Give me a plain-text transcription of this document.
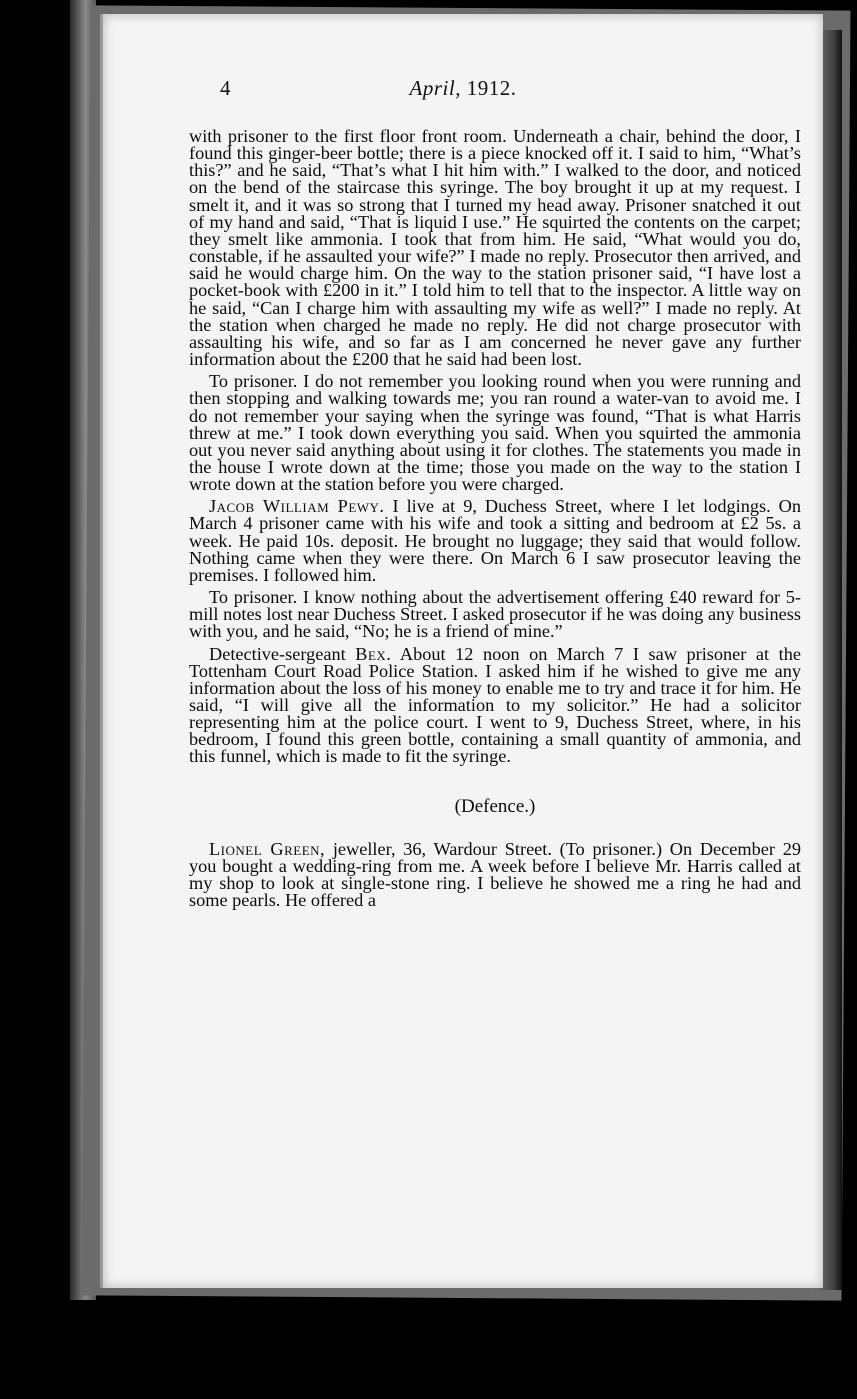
4	April, 1912.

with prisoner to the first floor front room. Underneath a chair, behind the door, I found this ginger-beer bottle; there is a piece knocked off it. I said to him, “What’s this?” and he said, “That’s what I hit him with.” I walked to the door, and noticed on the bend of the staircase this syringe. The boy brought it up at my request. I smelt it, and it was so strong that I turned my head away. Prisoner snatched it out of my hand and said, “That is liquid I use.” He squirted the contents on the carpet; they smelt like ammonia. I took that from him. He said, “What would you do, constable, if he assaulted your wife?” I made no reply. Prosecutor then arrived, and said he would charge him. On the way to the station prisoner said, “I have lost a pocket-book with £200 in it.” I told him to tell that to the inspector. A little way on he said, “Can I charge him with assaulting my wife as well?” I made no reply. At the station when charged he made no reply. He did not charge prosecutor with assaulting his wife, and so far as I am concerned he never gave any further information about the £200 that he said had been lost.

To prisoner. I do not remember you looking round when you were running and then stopping and walking towards me; you ran round a water-van to avoid me. I do not remember your saying when the syringe was found, “That is what Harris threw at me.” I took down everything you said. When you squirted the ammonia out you never said anything about using it for clothes. The statements you made in the house I wrote down at the time; those you made on the way to the station I wrote down at the station before you were charged.

Jacob William Pewy. I live at 9, Duchess Street, where I let lodgings. On March 4 prisoner came with his wife and took a sitting and bedroom at £2 5s. a week. He paid 10s. deposit. He brought no luggage; they said that would follow. Nothing came when they were there. On March 6 I saw prosecutor leaving the premises. I followed him.

To prisoner. I know nothing about the advertisement offering £40 reward for 5-mill notes lost near Duchess Street. I asked prosecutor if he was doing any business with you, and he said, “No; he is a friend of mine.”

Detective-sergeant Bex. About 12 noon on March 7 I saw prisoner at the Tottenham Court Road Police Station. I asked him if he wished to give me any information about the loss of his money to enable me to try and trace it for him. He said, “I will give all the information to my solicitor.” He had a solicitor representing him at the police court. I went to 9, Duchess Street, where, in his bedroom, I found this green bottle, containing a small quantity of ammonia, and this funnel, which is made to fit the syringe.

(Defence.)

Lionel Green, jeweller, 36, Wardour Street. (To prisoner.) On December 29 you bought a wedding-ring from me. A week before I believe Mr. Harris called at my shop to look at single-stone ring. I believe he showed me a ring he had and some pearls. He offered a
